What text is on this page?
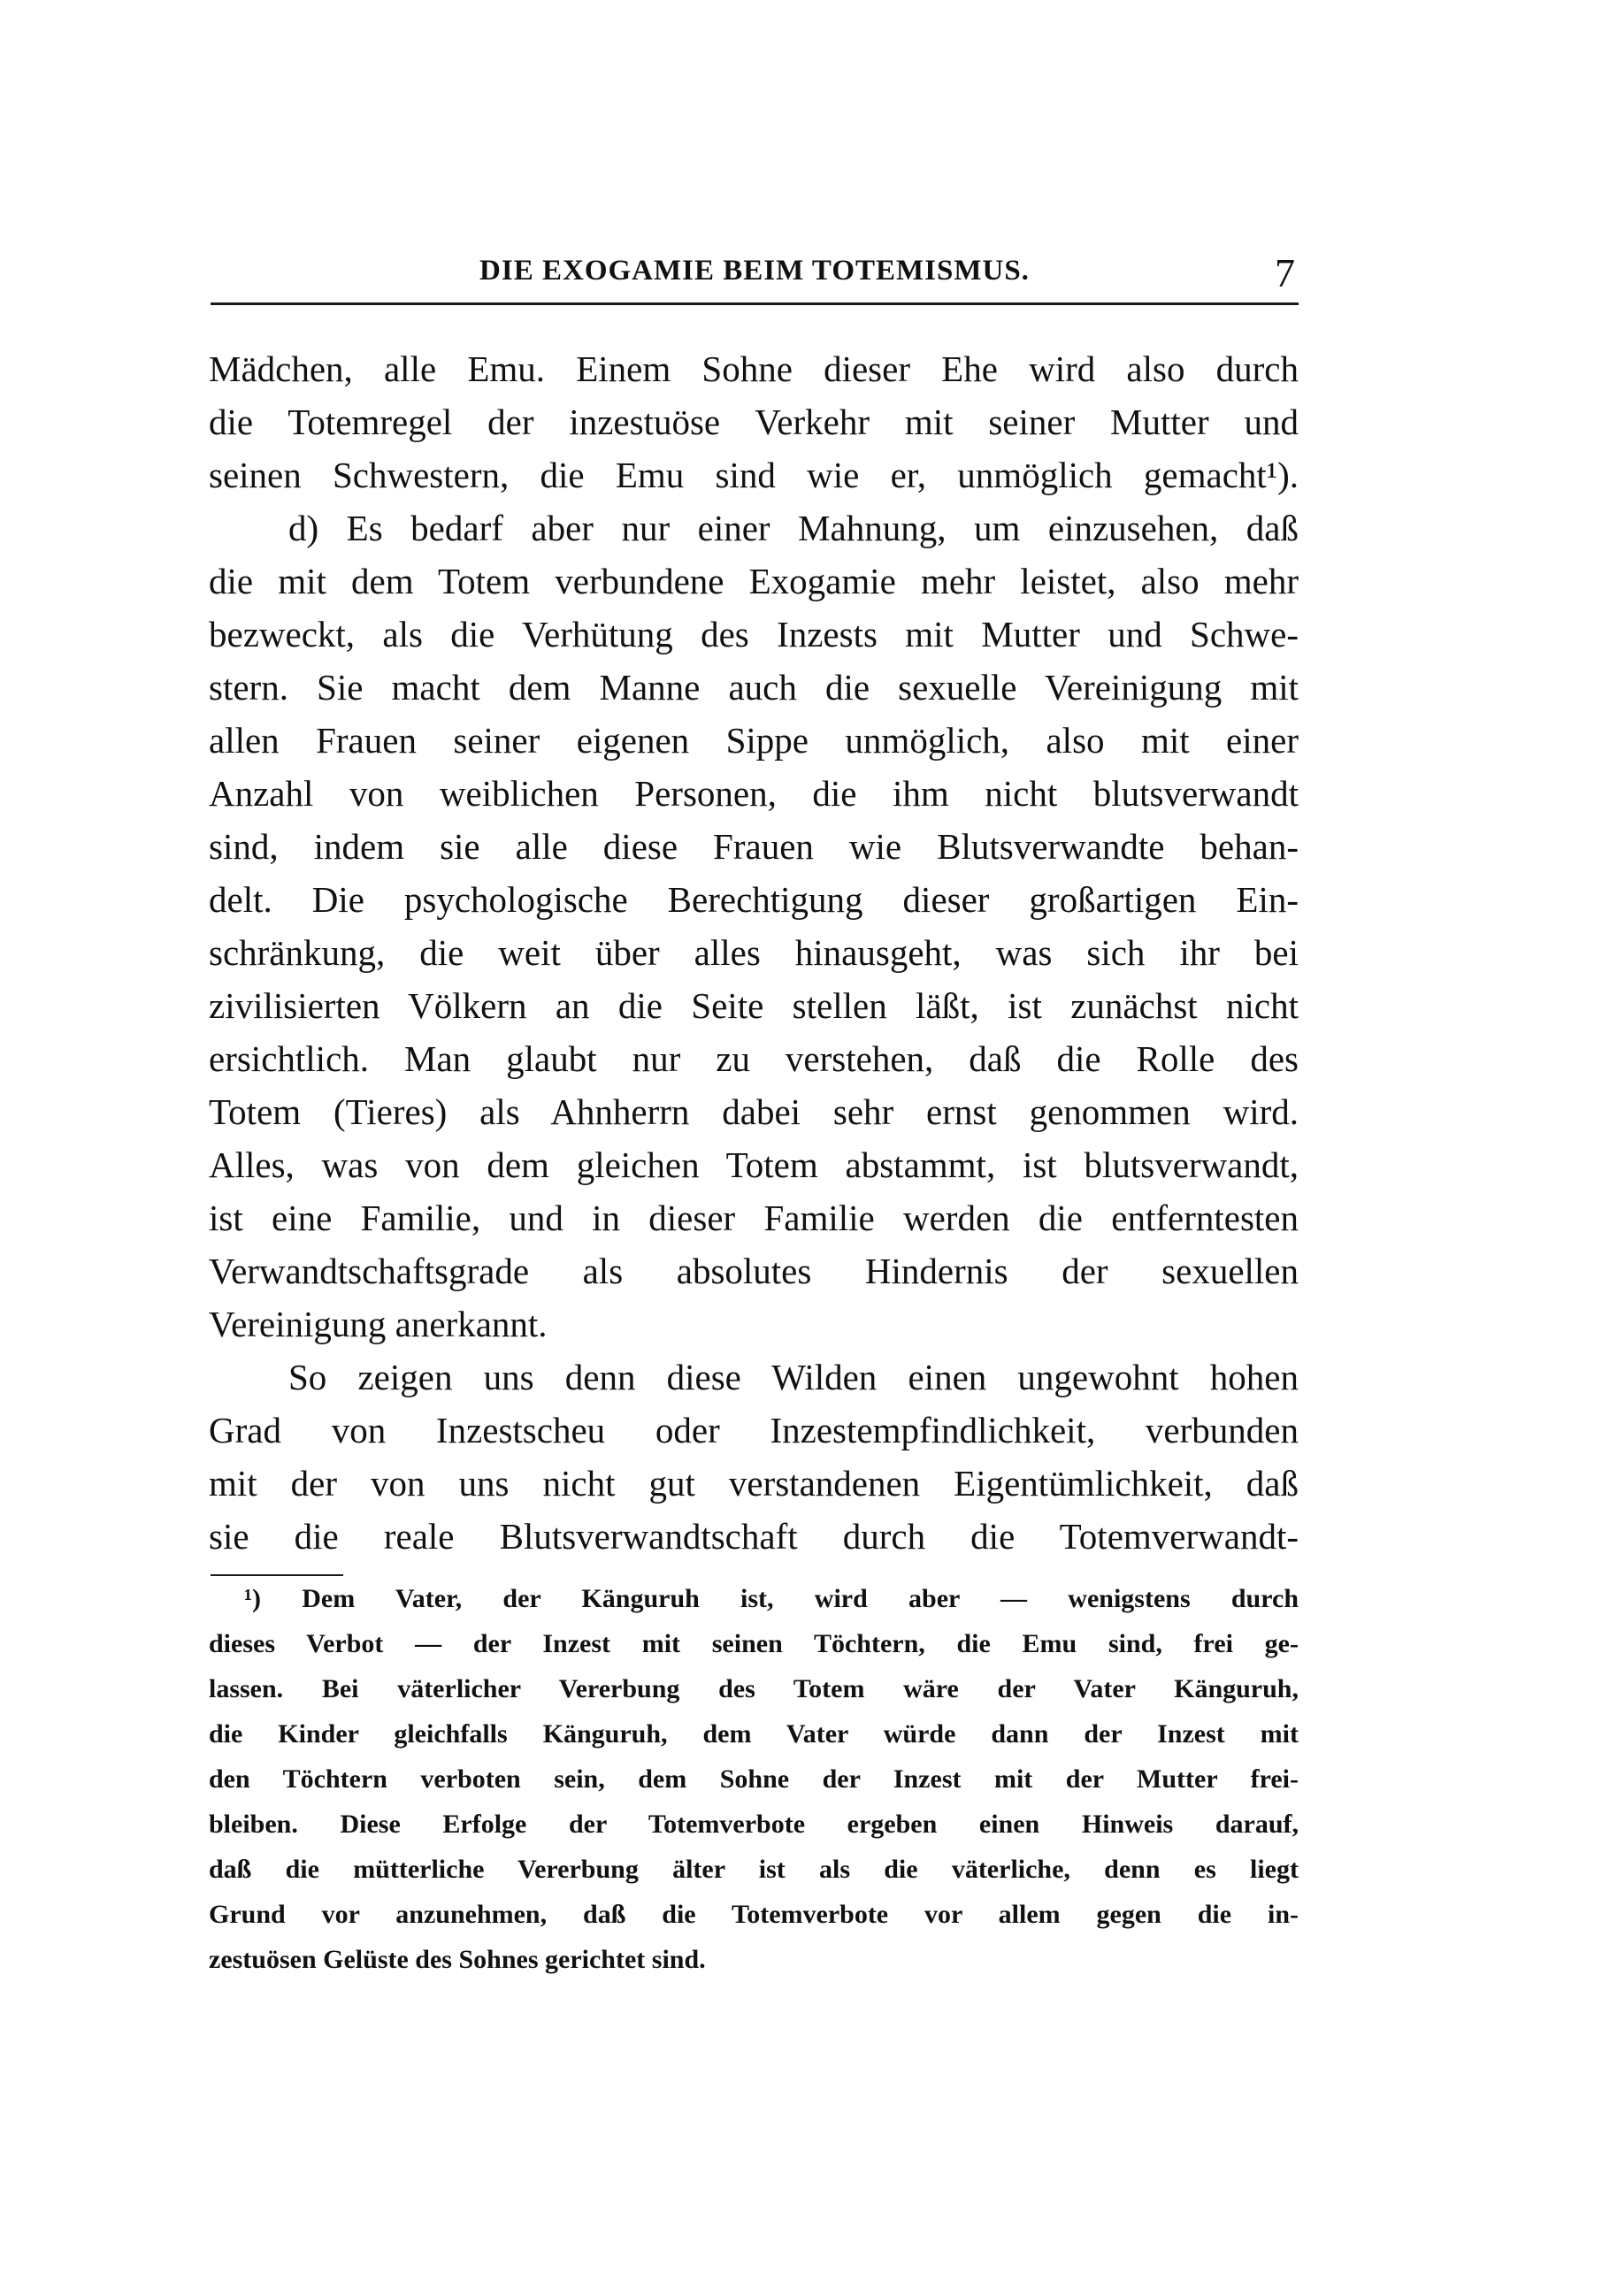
DIE EXOGAMIE BEIM TOTEMISMUS.	7
Mädchen, alle Emu. Einem Sohne dieser Ehe wird also durch
die Totemregel der inzestuöse Verkehr mit seiner Mutter und
seinen Schwestern, die Emu sind wie er, unmöglich gemacht¹).
d) Es bedarf aber nur einer Mahnung, um einzusehen, daß
die mit dem Totem verbundene Exogamie mehr leistet, also mehr
bezweckt, als die Verhütung des Inzests mit Mutter und Schwe-
stern. Sie macht dem Manne auch die sexuelle Vereinigung mit
allen Frauen seiner eigenen Sippe unmöglich, also mit einer
Anzahl von weiblichen Personen, die ihm nicht blutsverwandt
sind, indem sie alle diese Frauen wie Blutsverwandte behan-
delt. Die psychologische Berechtigung dieser großartigen Ein-
schränkung, die weit über alles hinausgeht, was sich ihr bei
zivilisierten Völkern an die Seite stellen läßt, ist zunächst nicht
ersichtlich. Man glaubt nur zu verstehen, daß die Rolle des
Totem (Tieres) als Ahnherrn dabei sehr ernst genommen wird.
Alles, was von dem gleichen Totem abstammt, ist blutsverwandt,
ist eine Familie, und in dieser Familie werden die entferntesten
Verwandtschaftsgrade als absolutes Hindernis der sexuellen
Vereinigung anerkannt.
So zeigen uns denn diese Wilden einen ungewohnt hohen
Grad von Inzestscheu oder Inzestempfindlichkeit, verbunden
mit der von uns nicht gut verstandenen Eigentümlichkeit, daß
sie die reale Blutsverwandtschaft durch die Totemverwandt-
¹) Dem Vater, der Känguruh ist, wird aber — wenigstens durch
dieses Verbot — der Inzest mit seinen Töchtern, die Emu sind, frei ge-
lassen. Bei väterlicher Vererbung des Totem wäre der Vater Känguruh,
die Kinder gleichfalls Känguruh, dem Vater würde dann der Inzest mit
den Töchtern verboten sein, dem Sohne der Inzest mit der Mutter frei-
bleiben. Diese Erfolge der Totemverbote ergeben einen Hinweis darauf,
daß die mütterliche Vererbung älter ist als die väterliche, denn es liegt
Grund vor anzunehmen, daß die Totemverbote vor allem gegen die in-
zestuösen Gelüste des Sohnes gerichtet sind.
